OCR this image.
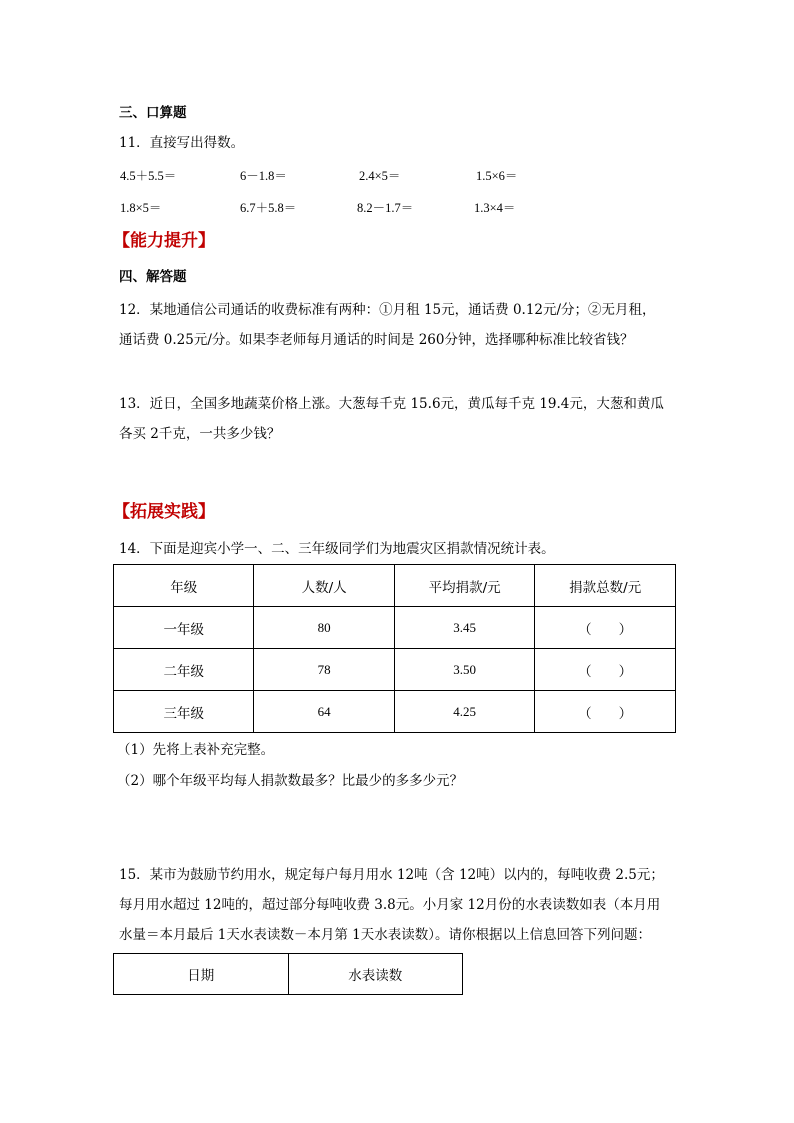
三、口算题
11．直接写出得数。
4.5＋5.5＝	6－1.8＝	2.4×5＝	1.5×6＝
1.8×5＝	6.7＋5.8＝	8.2－1.7＝	1.3×4＝
【能力提升】
四、解答题
12．某地通信公司通话的收费标准有两种：①月租 15元，通话费 0.12元/分；②无月租，
通话费 0.25元/分。如果李老师每月通话的时间是 260分钟，选择哪种标准比较省钱？
13．近日，全国多地蔬菜价格上涨。大葱每千克 15.6元，黄瓜每千克 19.4元，大葱和黄瓜
各买 2千克，一共多少钱？
【拓展实践】
14．下面是迎宾小学一、二、三年级同学们为地震灾区捐款情况统计表。
年级	人数/人	平均捐款/元	捐款总数/元
一年级	80	3.45	（　　）
二年级	78	3.50	（　　）
三年级	64	4.25	（　　）
（1）先将上表补充完整。
（2）哪个年级平均每人捐款数最多？比最少的多多少元？
15．某市为鼓励节约用水，规定每户每月用水 12吨（含 12吨）以内的，每吨收费 2.5元；
每月用水超过 12吨的，超过部分每吨收费 3.8元。小月家 12月份的水表读数如表（本月用
水量＝本月最后 1天水表读数－本月第 1天水表读数）。请你根据以上信息回答下列问题：
日期	水表读数
